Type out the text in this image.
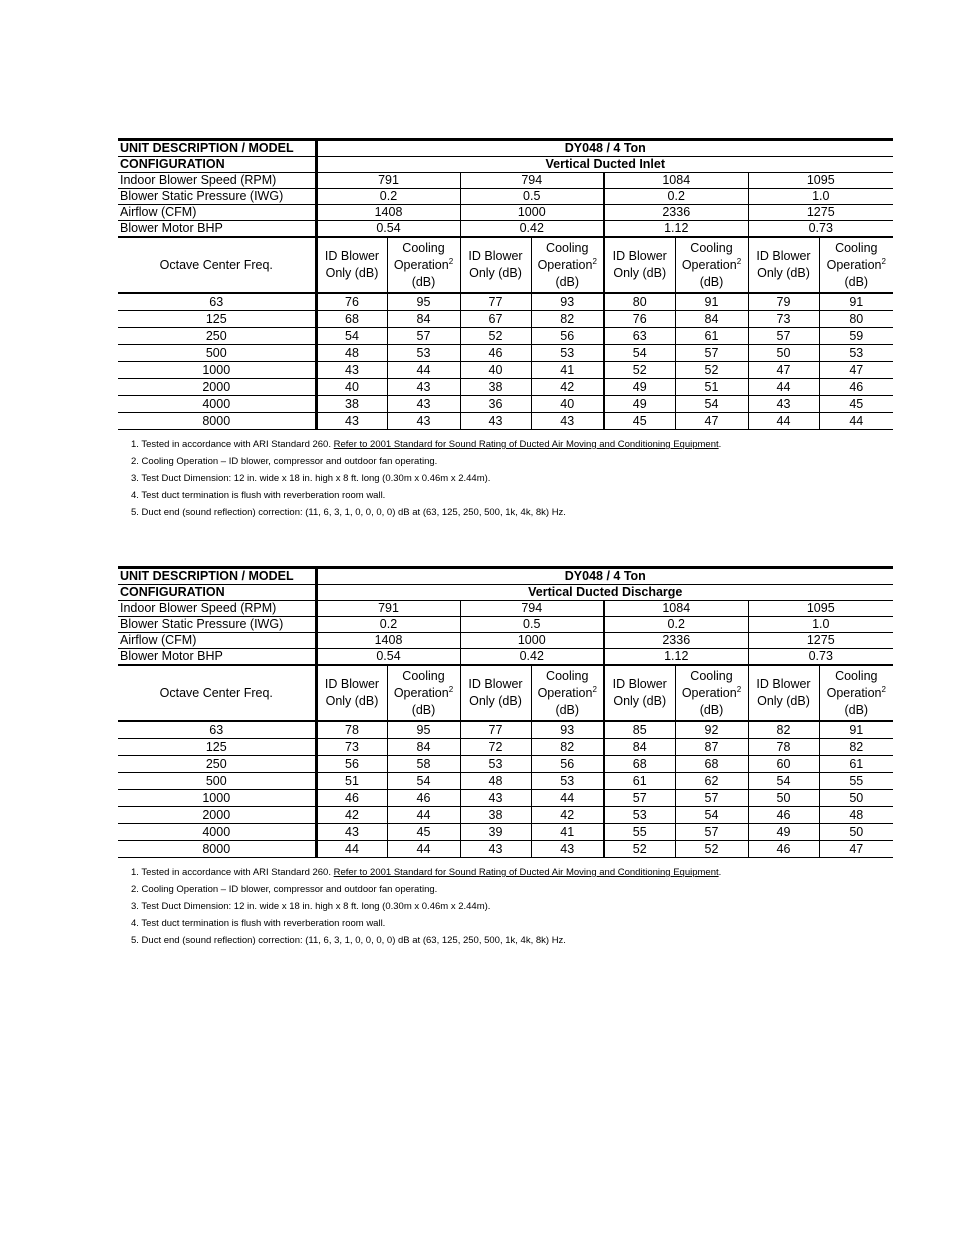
UNIT DESCRIPTION / MODEL	DY048 / 4 Ton							
CONFIGURATION	Vertical Ducted Inlet							
Indoor Blower Speed (RPM)	791		794		1084		1095	
Blower Static Pressure (IWG)	0.2		0.5		0.2		1.0	
Airflow (CFM)	1408		1000		2336		1275	
Blower Motor BHP	0.54		0.42		1.12		0.73	
Octave Center Freq.	ID Blower
Only (dB)	Cooling
Operation$^2$
(dB)	ID Blower
Only (dB)	Cooling
Operation$^2$
(dB)	ID Blower
Only (dB)	Cooling
Operation$^2$
(dB)	ID Blower
Only (dB)	Cooling
Operation$^2$
(dB)
63	76	95	77	93	80	91	79	91
125	68	84	67	82	76	84	73	80
250	54	57	52	56	63	61	57	59
500	48	53	46	53	54	57	50	53
1000	43	44	40	41	52	52	47	47
2000	40	43	38	42	49	51	44	46
4000	38	43	36	40	49	54	43	45
8000	43	43	43	43	45	47	44	44
1. Tested in accordance with ARI Standard 260. Refer to 2001 Standard for Sound Rating of Ducted Air Moving and Conditioning Equipment.
2. Cooling Operation – ID blower, compressor and outdoor fan operating.
3. Test Duct Dimension: 12 in. wide x 18 in. high x 8 ft. long (0.30m x 0.46m x 2.44m).
4. Test duct termination is flush with reverberation room wall.
5. Duct end (sound reflection) correction: (11, 6, 3, 1, 0, 0, 0, 0) dB at (63, 125, 250, 500, 1k, 4k, 8k) Hz.
UNIT DESCRIPTION / MODEL	DY048 / 4 Ton							
CONFIGURATION	Vertical Ducted Discharge							
Indoor Blower Speed (RPM)	791		794		1084		1095	
Blower Static Pressure (IWG)	0.2		0.5		0.2		1.0	
Airflow (CFM)	1408		1000		2336		1275	
Blower Motor BHP	0.54		0.42		1.12		0.73	
Octave Center Freq.	ID Blower
Only (dB)	Cooling
Operation$^2$
(dB)	ID Blower
Only (dB)	Cooling
Operation$^2$
(dB)	ID Blower
Only (dB)	Cooling
Operation$^2$
(dB)	ID Blower
Only (dB)	Cooling
Operation$^2$
(dB)
63	78	95	77	93	85	92	82	91
125	73	84	72	82	84	87	78	82
250	56	58	53	56	68	68	60	61
500	51	54	48	53	61	62	54	55
1000	46	46	43	44	57	57	50	50
2000	42	44	38	42	53	54	46	48
4000	43	45	39	41	55	57	49	50
8000	44	44	43	43	52	52	46	47
1. Tested in accordance with ARI Standard 260. Refer to 2001 Standard for Sound Rating of Ducted Air Moving and Conditioning Equipment.
2. Cooling Operation – ID blower, compressor and outdoor fan operating.
3. Test Duct Dimension: 12 in. wide x 18 in. high x 8 ft. long (0.30m x 0.46m x 2.44m).
4. Test duct termination is flush with reverberation room wall.
5. Duct end (sound reflection) correction: (11, 6, 3, 1, 0, 0, 0, 0) dB at (63, 125, 250, 500, 1k, 4k, 8k) Hz.
